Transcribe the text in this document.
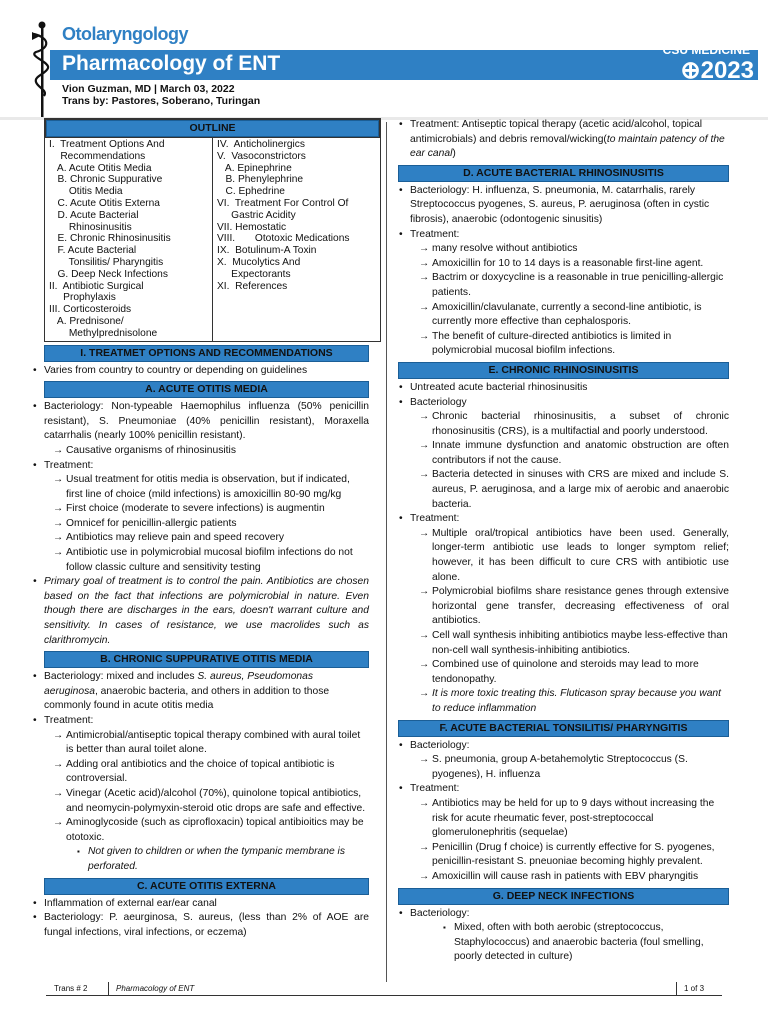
Otolaryngology
Pharmacology of ENT
CSU MEDICINE
⊕2023
Vion Guzman, MD | March 03, 2022
Trans by: Pastores, Soberano, Turingan
OUTLINE
I.  Treatment Options And
Recommendations
A. Acute Otitis Media
B. Chronic Suppurative
Otitis Media
C. Acute Otitis Externa
D. Acute Bacterial
Rhinosinusitis
E. Chronic Rhinosinusitis
F. Acute Bacterial
Tonsilitis/ Pharyngitis
G. Deep Neck Infections
II.  Antibiotic Surgical
Prophylaxis
III. Corticosteroids
A. Prednisone/
Methylprednisolone
IV.  Anticholinergics
V.  Vasoconstrictors
A. Epinephrine
B. Phenylephrine
C. Ephedrine
VI.  Treatment For Control Of
Gastric Acidity
VII. Hemostatic
VIII.       Ototoxic Medications
IX.  Botulinum-A Toxin
X.  Mucolytics And
Expectorants
XI.  References
I. TREATMET OPTIONS AND RECOMMENDATIONS
• Varies from country to country or depending on guidelines
A. ACUTE OTITIS MEDIA
• Bacteriology: Non-typeable Haemophilus influenza (50% penicillin resistant), S. Pneumoniae (40% penicillin resistant), Moraxella catarrhalis (nearly 100% penicillin resistant).
→ Causative organisms of rhinosinusitis
• Treatment:
→ Usual treatment for otitis media is observation, but if indicated, first line of choice (mild infections) is amoxicillin 80-90 mg/kg
→ First choice (moderate to severe infections) is augmentin
→ Omnicef for penicillin-allergic patients
→ Antibiotics may relieve pain and speed recovery
→ Antibiotic use in polymicrobial mucosal biofilm infections do not follow classic culture and sensitivity testing
• Primary goal of treatment is to control the pain. Antibiotics are chosen based on the fact that infections are polymicrobial in nature. Even though there are discharges in the ears, doesn't warrant culture and sensitivity. In cases of resistance, we use macrolides such as clarithromycin.
B. CHRONIC SUPPURATIVE OTITIS MEDIA
• Bacteriology: mixed and includes S. aureus, Pseudomonas aeruginosa, anaerobic bacteria, and others in addition to those commonly found in acute otitis media
• Treatment:
→ Antimicrobial/antiseptic topical therapy combined with aural toilet is better than aural toilet alone.
→ Adding oral antibiotics and the choice of topical antibiotic is controversial.
→ Vinegar (Acetic acid)/alcohol (70%), quinolone topical antibiotics, and neomycin-polymyxin-steroid otic drops are safe and effective.
→ Aminoglycoside (such as ciprofloxacin) topical antibioitics may be ototoxic.
▪ Not given to children or when the tympanic membrane is perforated.
C. ACUTE OTITIS EXTERNA
• Inflammation of external ear/ear canal
• Bacteriology: P. aeurginosa, S. aureus, (less than 2% of AOE are fungal infections, viral infections, or eczema)
• Treatment: Antiseptic topical therapy (acetic acid/alcohol, topical antimicrobials) and debris removal/wicking(to maintain patency of the ear canal)
D. ACUTE BACTERIAL RHINOSINUSITIS
• Bacteriology: H. influenza, S. pneumonia, M. catarrhalis, rarely Streptococcus pyogenes, S. aureus, P. aeruginosa (often in cystic fibrosis), anaerobic (odontogenic sinusitis)
• Treatment:
→ many resolve without antibiotics
→ Amoxicillin for 10 to 14 days is a reasonable first-line agent.
→ Bactrim or doxycycline is a reasonable in true penicilling-allergic patients.
→ Amoxicillin/clavulanate, currently a second-line antibiotic, is currently more effective than cephalosporis.
→ The benefit of culture-directed antibiotics is limited in polymicrobial mucosal biofilm infections.
E. CHRONIC RHINOSINUSITIS
• Untreated acute bacterial rhinosinusitis
• Bacteriology
→ Chronic bacterial rhinosinusitis, a subset of chronic rhonosinusitis (CRS), is a multifactial and poorly understood.
→ Innate immune dysfunction and anatomic obstruction are often contributors if not the cause.
→ Bacteria detected in sinuses with CRS are mixed and include S. aureus, P. aeruginosa, and a large mix of aerobic and anaerobic bacteria.
• Treatment:
→ Multiple oral/tropical antibiotics have been used. Generally, longer-term antibiotic use leads to longer symptom relief; however, it has been difficult to cure CRS with antibiotic use alone.
→ Polymicrobial biofilms share resistance genes through extensive horizontal gene transfer, decreasing effectiveness of oral antibiotics.
→ Cell wall synthesis inhibiting antibiotics maybe less-effective than non-cell wall synthesis-inhibiting antibiotics.
→ Combined use of quinolone and steroids may lead to more tendonopathy.
→ It is more toxic treating this. Fluticason spray because you want to reduce inflammation
F. ACUTE BACTERIAL TONSILITIS/ PHARYNGITIS
• Bacteriology:
→ S. pneumonia, group A-betahemolytic Streptococcus (S. pyogenes), H. influenza
• Treatment:
→ Antibiotics may be held for up to 9 days without increasing the risk for acute rheumatic fever, post-streptococcal glomerulonephritis (sequelae)
→ Penicillin (Drug f choice) is currently effective for S. pyogenes, penicillin-resistant S. pneuoniae becoming highly prevalent.
→ Amoxicillin will cause rash in patients with EBV pharyngitis
G. DEEP NECK INFECTIONS
• Bacteriology:
▪ Mixed, often with both aerobic (streptococcus, Staphylococcus) and anaerobic bacteria (foul smelling, poorly detected in culture)
Trans # 2	Pharmacology of ENT	1 of 3
